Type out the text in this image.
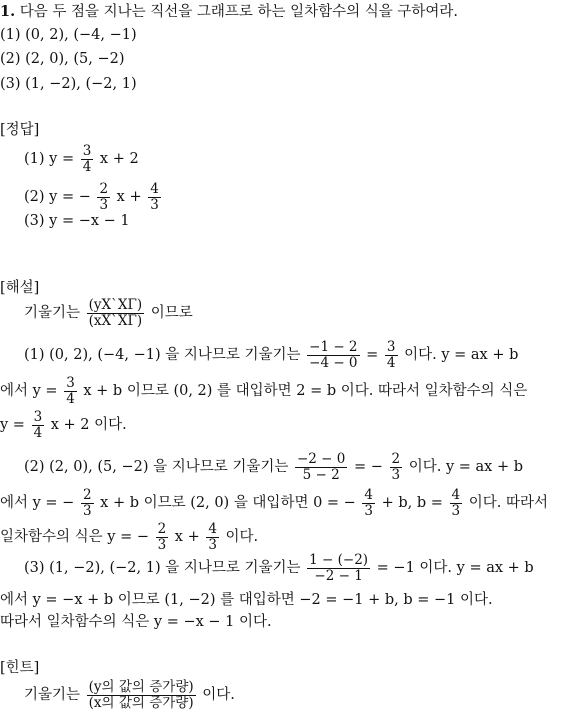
1. 다음 두 점을 지나는 직선을 그래프로 하는 일차함수의 식을 구하여라.
(1) (0, 2), (−4, −1)
(2) (2, 0), (5, −2)
(3) (1, −2), (−2, 1)
[정답]
(1) $y = \frac{3}{4}$ x + 2
(2) y = − $\frac{2}{3}$ $x + \frac{4}{3}$
(3) y = −x − 1
[해설]
기울기는 $\frac{(yX`X\Gamma)}{(xX`X\Gamma)}$ 이므로
(1) (0, 2), (−4, −1) 을 지나므로 기울기는 $\frac{-1 - 2}{-4 - 0} = \frac{3}{4}$ 이다. y = ax + b
에서 $y = \frac{3}{4}$ x + b 이므로 (0, 2) 를 대입하면 2 = b 이다. 따라서 일차함수의 식은
$y = \frac{3}{4}$ x + 2 이다.
(2) (2, 0), (5, −2) 을 지나므로 기울기는 $\frac{-2 - 0}{5 - 2}$ = − $\frac{2}{3}$ 이다. y = ax + b
에서 y = − $\frac{2}{3}$ x + b 이므로 (2, 0) 을 대입하면 0 = − $\frac{4}{3} + b$, $b = \frac{4}{3}$ 이다. 따라서
일차함수의 식은 y = − $\frac{2}{3}$ $x + \frac{4}{3}$ 이다.
(3) (1, −2), (−2, 1) 을 지나므로 기울기는 $\frac{1 - (-2)}{-2 - 1} = -1$ 이다. y = ax + b
에서 y = −x + b 이므로 (1, −2) 를 대입하면 −2 = −1 + b, b = −1 이다.
따라서 일차함수의 식은 y = −x − 1 이다.
[힌트]
기울기는 $\frac{\text{(y의 값의 증가량)}}{\text{(x의 값의 증가량)}}$ 이다.
